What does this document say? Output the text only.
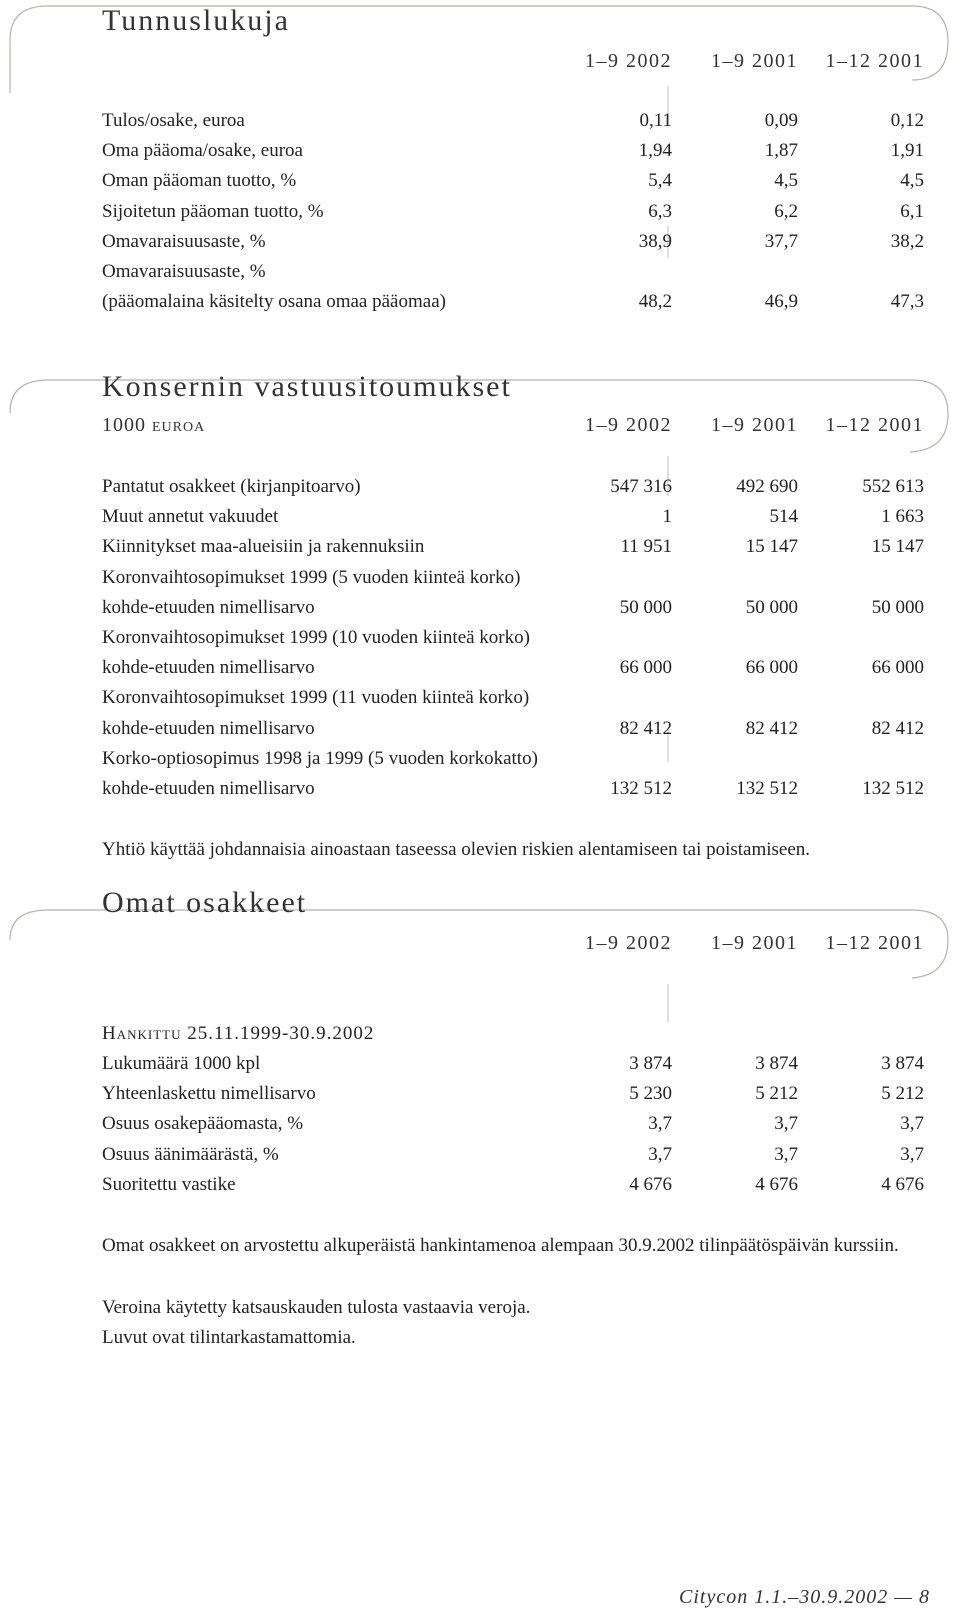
Tunnuslukuja
1–9 2002	1–9 2001	1–12 2001
Tulos/osake, euroa	0,11	0,09	0,12
Oma pääoma/osake, euroa	1,94	1,87	1,91
Oman pääoman tuotto, %	5,4	4,5	4,5
Sijoitetun pääoman tuotto, %	6,3	6,2	6,1
Omavaraisuusaste, %	38,9	37,7	38,2
Omavaraisuusaste, %
(pääomalaina käsitelty osana omaa pääomaa)	48,2	46,9	47,3
Konsernin vastuusitoumukset
1000 euroa	1–9 2002	1–9 2001	1–12 2001
Pantatut osakkeet (kirjanpitoarvo)	547 316	492 690	552 613
Muut annetut vakuudet	1	514	1 663
Kiinnitykset maa-alueisiin ja rakennuksiin	11 951	15 147	15 147
Koronvaihtosopimukset 1999 (5 vuoden kiinteä korko)
kohde-etuuden nimellisarvo	50 000	50 000	50 000
Koronvaihtosopimukset 1999 (10 vuoden kiinteä korko)
kohde-etuuden nimellisarvo	66 000	66 000	66 000
Koronvaihtosopimukset 1999 (11 vuoden kiinteä korko)
kohde-etuuden nimellisarvo	82 412	82 412	82 412
Korko-optiosopimus 1998 ja 1999 (5 vuoden korkokatto)
kohde-etuuden nimellisarvo	132 512	132 512	132 512
Yhtiö käyttää johdannaisia ainoastaan taseessa olevien riskien alentamiseen tai poistamiseen.
Omat osakkeet
1–9 2002	1–9 2001	1–12 2001
Hankittu 25.11.1999-30.9.2002
Lukumäärä 1000 kpl	3 874	3 874	3 874
Yhteenlaskettu nimellisarvo	5 230	5 212	5 212
Osuus osakepääomasta, %	3,7	3,7	3,7
Osuus äänimäärästä, %	3,7	3,7	3,7
Suoritettu vastike	4 676	4 676	4 676
Omat osakkeet on arvostettu alkuperäistä hankintamenoa alempaan 30.9.2002 tilinpäätöspäivän kurssiin.
Veroina käytetty katsauskauden tulosta vastaavia veroja.
Luvut ovat tilintarkastamattomia.
Citycon 1.1.–30.9.2002 — 8
